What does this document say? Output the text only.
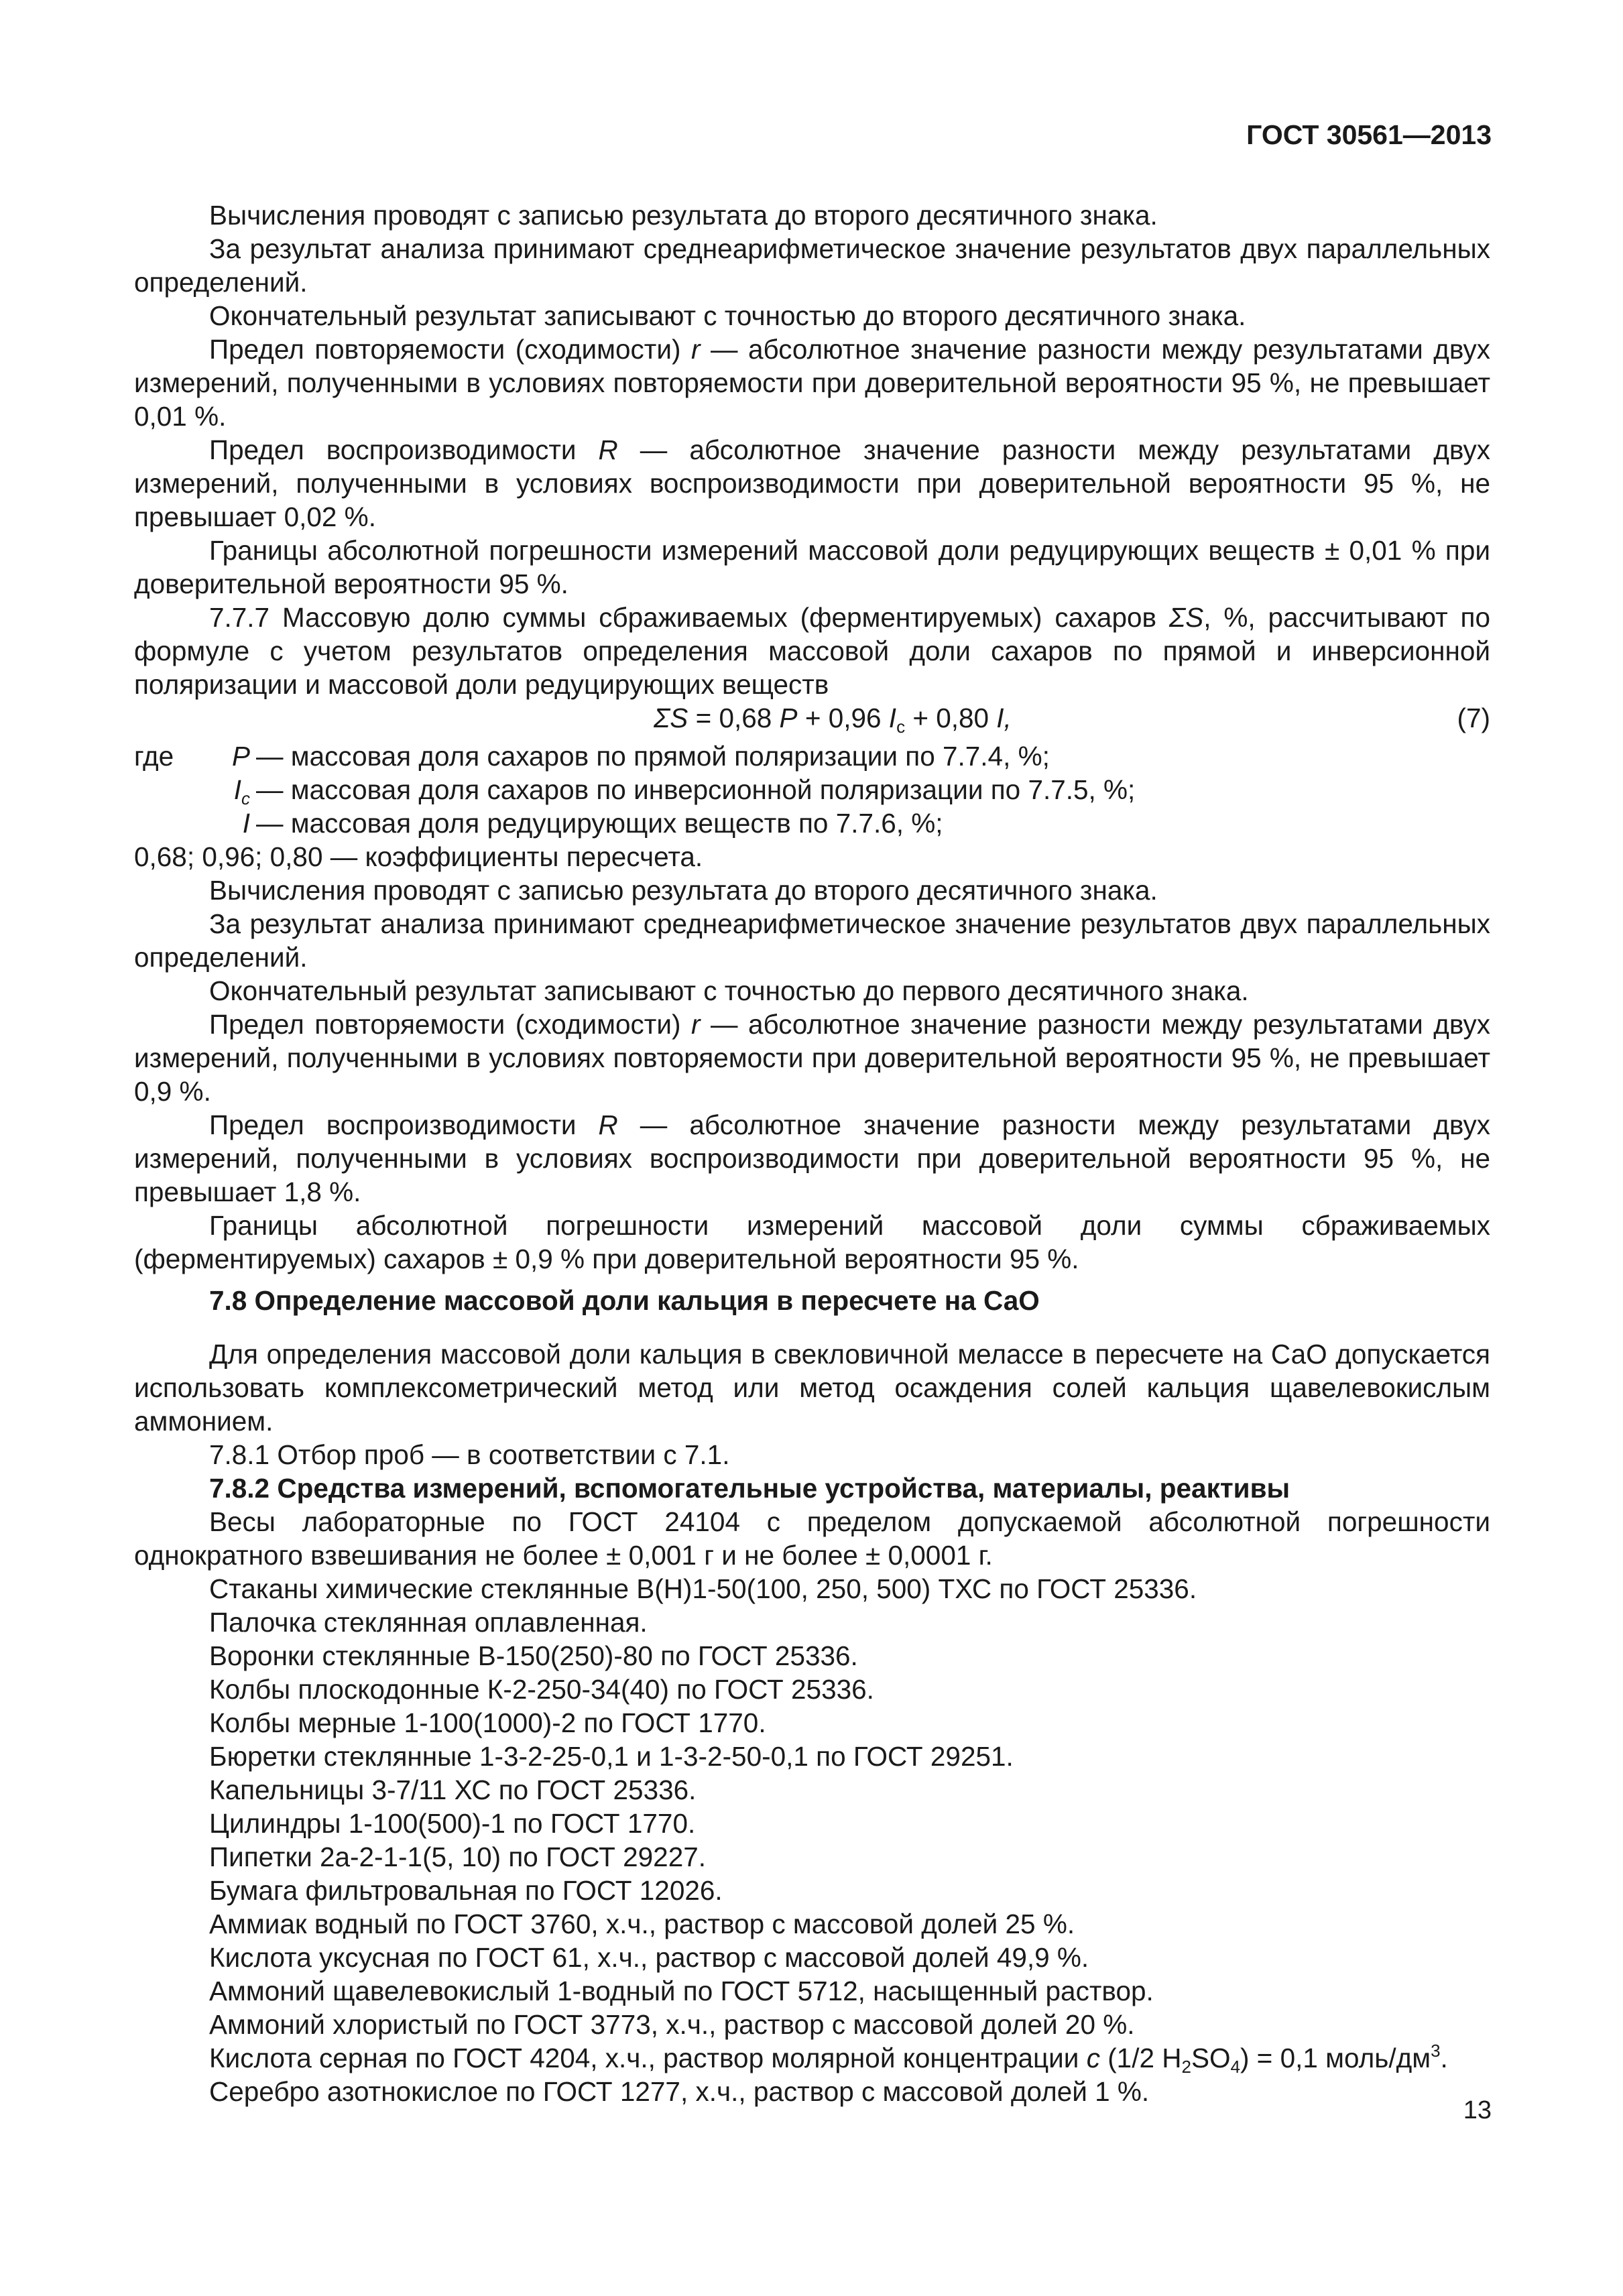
ГОСТ 30561—2013

Вычисления проводят с записью результата до второго десятичного знака.

За результат анализа принимают среднеарифметическое значение результатов двух параллельных определений.

Окончательный результат записывают с точностью до второго десятичного знака.

Предел повторяемости (сходимости) r — абсолютное значение разности между результатами двух измерений, полученными в условиях повторяемости при доверительной вероятности 95 %, не превышает 0,01 %.

Предел воспроизводимости R — абсолютное значение разности между результатами двух измерений, полученными в условиях воспроизводимости при доверительной вероятности 95 %, не превышает 0,02 %.

Границы абсолютной погрешности измерений массовой доли редуцирующих веществ ± 0,01 % при доверительной вероятности 95 %.

7.7.7 Массовую долю суммы сбраживаемых (ферментируемых) сахаров ΣS, %, рассчитывают по формуле с учетом результатов определения массовой доли сахаров по прямой и инверсионной поляризации и массовой доли редуцирующих веществ

ΣS = 0,68 P + 0,96 $I_c + 0,80$ I,	(7)
где P — массовая доля сахаров по прямой поляризации по 7.7.4, %;
$I_c$ — массовая доля сахаров по инверсионной поляризации по 7.7.5, %;
I — массовая доля редуцирующих веществ по 7.7.6, %;

0,68; 0,96; 0,80 — коэффициенты пересчета.

Вычисления проводят с записью результата до второго десятичного знака.

За результат анализа принимают среднеарифметическое значение результатов двух параллельных определений.

Окончательный результат записывают с точностью до первого десятичного знака.

Предел повторяемости (сходимости) r — абсолютное значение разности между результатами двух измерений, полученными в условиях повторяемости при доверительной вероятности 95 %, не превышает 0,9 %.

Предел воспроизводимости R — абсолютное значение разности между результатами двух измерений, полученными в условиях воспроизводимости при доверительной вероятности 95 %, не превышает 1,8 %.

Границы абсолютной погрешности измерений массовой доли суммы сбраживаемых (ферментируемых) сахаров ± 0,9 % при доверительной вероятности 95 %.

7.8 Определение массовой доли кальция в пересчете на СаО

Для определения массовой доли кальция в свекловичной мелассе в пересчете на СаО допускается использовать комплексометрический метод или метод осаждения солей кальция щавелевокислым аммонием.

7.8.1 Отбор проб — в соответствии с 7.1.

7.8.2 Средства измерений, вспомогательные устройства, материалы, реактивы

Весы лабораторные по ГОСТ 24104 с пределом допускаемой абсолютной погрешности однократного взвешивания не более ± 0,001 г и не более ± 0,0001 г.

Стаканы химические стеклянные В(Н)1-50(100, 250, 500) ТХС по ГОСТ 25336.

Палочка стеклянная оплавленная.

Воронки стеклянные В-150(250)-80 по ГОСТ 25336.

Колбы плоскодонные К-2-250-34(40) по ГОСТ 25336.

Колбы мерные 1-100(1000)-2 по ГОСТ 1770.

Бюретки стеклянные 1-3-2-25-0,1 и 1-3-2-50-0,1 по ГОСТ 29251.

Капельницы 3-7/11 ХС по ГОСТ 25336.

Цилиндры 1-100(500)-1 по ГОСТ 1770.

Пипетки 2а-2-1-1(5, 10) по ГОСТ 29227.

Бумага фильтровальная по ГОСТ 12026.

Аммиак водный по ГОСТ 3760, х.ч., раствор с массовой долей 25 %.

Кислота уксусная по ГОСТ 61, х.ч., раствор с массовой долей 49,9 %.

Аммоний щавелевокислый 1-водный по ГОСТ 5712, насыщенный раствор.

Аммоний хлористый по ГОСТ 3773, х.ч., раствор с массовой долей 20 %.

Кислота серная по ГОСТ 4204, х.ч., раствор молярной концентрации c (1/2 $H_2SO_4) = 0,1$ моль/$дм^3$.

Серебро азотнокислое по ГОСТ 1277, х.ч., раствор с массовой долей 1 %.

13
